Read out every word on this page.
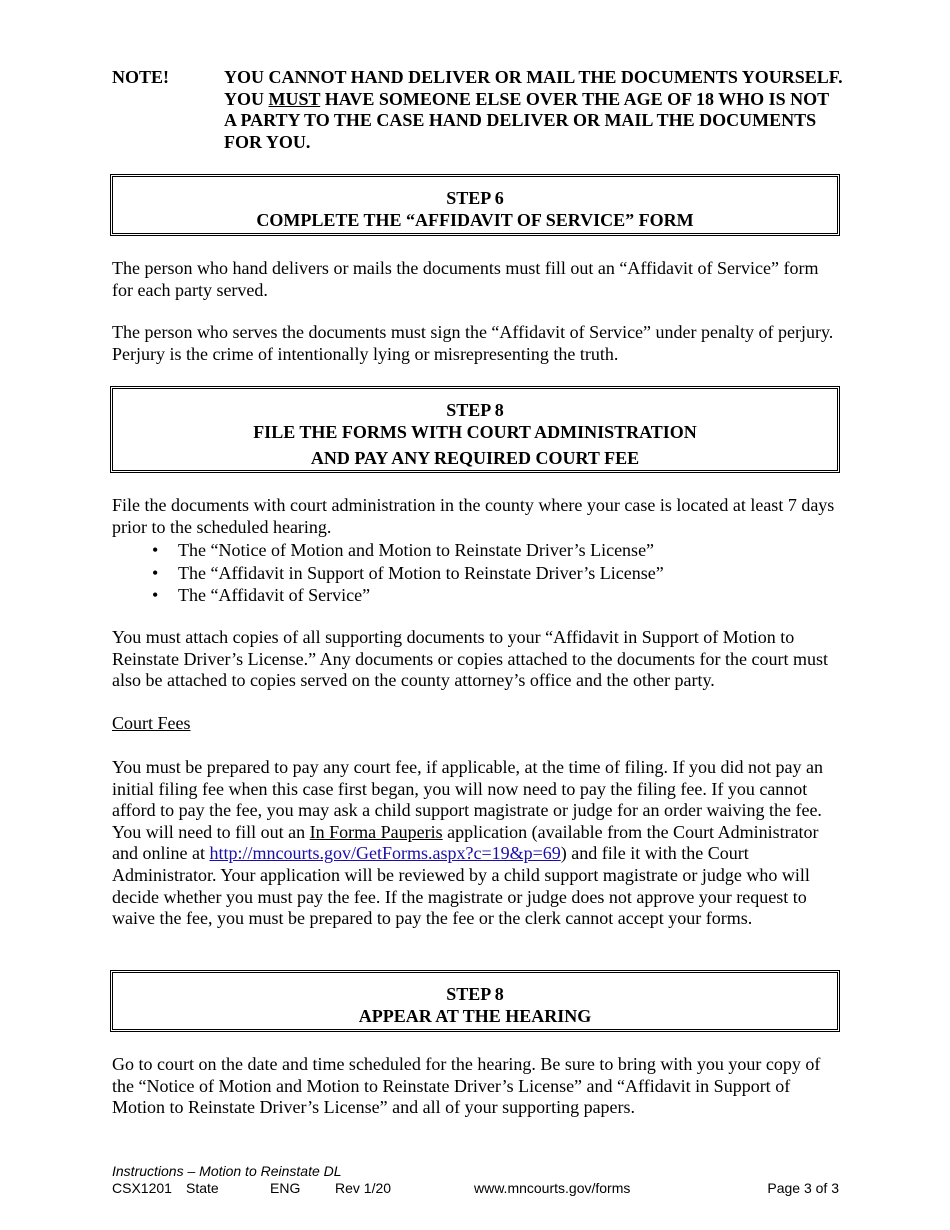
NOTE!	YOU CANNOT HAND DELIVER OR MAIL THE DOCUMENTS YOURSELF. YOU MUST HAVE SOMEONE ELSE OVER THE AGE OF 18 WHO IS NOT A PARTY TO THE CASE HAND DELIVER OR MAIL THE DOCUMENTS FOR YOU.
STEP 6
COMPLETE THE “AFFIDAVIT OF SERVICE” FORM

The person who hand delivers or mails the documents must fill out an “Affidavit of Service” form for each party served.

The person who serves the documents must sign the “Affidavit of Service” under penalty of perjury. Perjury is the crime of intentionally lying or misrepresenting the truth.

STEP 8
FILE THE FORMS WITH COURT ADMINISTRATION
AND PAY ANY REQUIRED COURT FEE

File the documents with court administration in the county where your case is located at least 7 days prior to the scheduled hearing.

• The “Notice of Motion and Motion to Reinstate Driver’s License”
• The “Affidavit in Support of Motion to Reinstate Driver’s License”
• The “Affidavit of Service”

You must attach copies of all supporting documents to your “Affidavit in Support of Motion to Reinstate Driver’s License.” Any documents or copies attached to the documents for the court must also be attached to copies served on the county attorney’s office and the other party.

Court Fees

You must be prepared to pay any court fee, if applicable, at the time of filing. If you did not pay an initial filing fee when this case first began, you will now need to pay the filing fee. If you cannot afford to pay the fee, you may ask a child support magistrate or judge for an order waiving the fee. You will need to fill out an In Forma Pauperis application (available from the Court Administrator and online at http://mncourts.gov/GetForms.aspx?c=19&p=69) and file it with the Court Administrator. Your application will be reviewed by a child support magistrate or judge who will decide whether you must pay the fee. If the magistrate or judge does not approve your request to waive the fee, you must be prepared to pay the fee or the clerk cannot accept your forms.

STEP 8
APPEAR AT THE HEARING

Go to court on the date and time scheduled for the hearing. Be sure to bring with you your copy of the “Notice of Motion and Motion to Reinstate Driver’s License” and “Affidavit in Support of Motion to Reinstate Driver’s License” and all of your supporting papers.

Instructions – Motion to Reinstate DL
CSX1201 State	ENG Rev 1/20	www.mncourts.gov/forms	Page 3 of 3
